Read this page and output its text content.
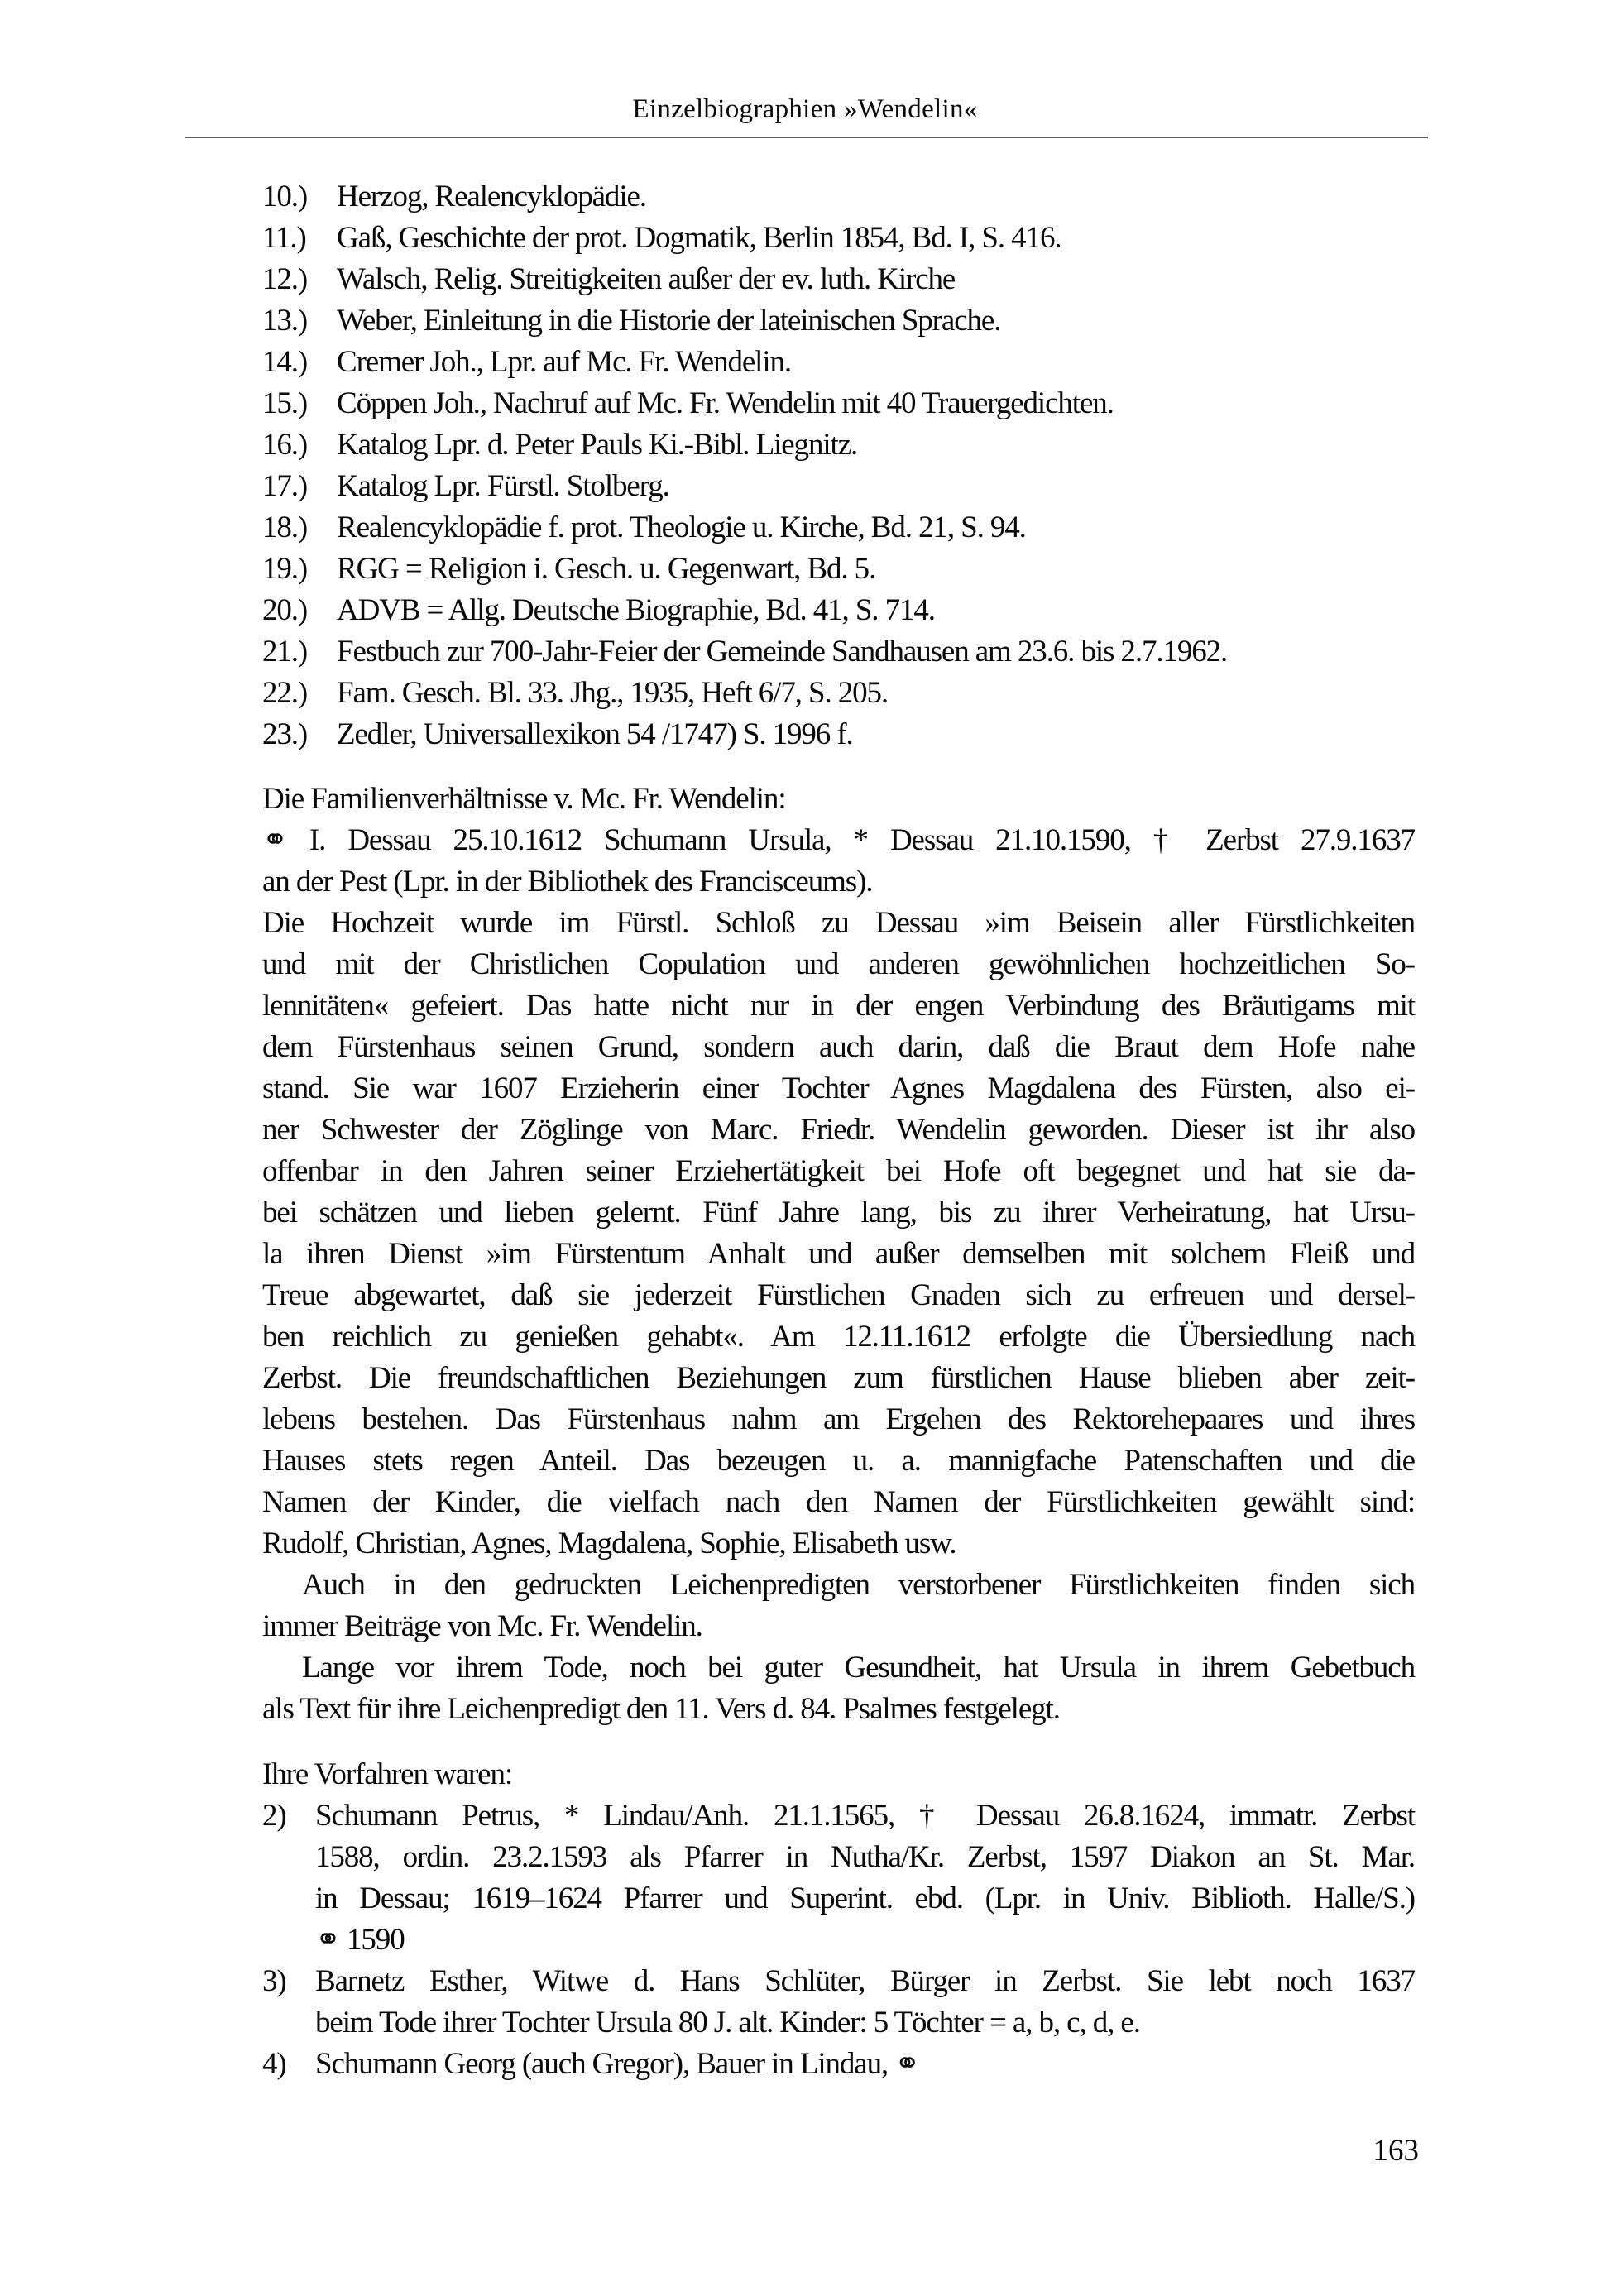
Einzelbiographien »Wendelin«
10.) Herzog, Realencyklopädie.
11.)	Gaß, Geschichte der prot. Dogmatik, Berlin 1854, Bd. I, S. 416.
12.) Walsch, Relig. Streitigkeiten außer der ev. luth. Kirche
13.) Weber, Einleitung in die Historie der lateinischen Sprache.
14.) Cremer Joh., Lpr. auf Mc. Fr. Wendelin.
15.) Cöppen Joh., Nachruf auf Mc. Fr. Wendelin mit 40 Trauergedichten.
16.) Katalog Lpr. d. Peter Pauls Ki.-Bibl. Liegnitz.
17.) Katalog Lpr. Fürstl. Stolberg.
18.) Realencyklopädie f. prot. Theologie u. Kirche, Bd. 21, S. 94.
19.) RGG = Religion i. Gesch. u. Gegenwart, Bd. 5.
20.) ADVB = Allg. Deutsche Biographie, Bd. 41, S. 714.
21.) Festbuch zur 700-Jahr-Feier der Gemeinde Sandhausen am 23.6. bis 2.7.1962.
22.) Fam. Gesch. Bl. 33. Jhg., 1935, Heft 6/7, S. 205.
23.) Zedler, Universallexikon 54 /1747) S. 1996 f.
Die Familienverhältnisse v. Mc. Fr. Wendelin:
⚭ I. Dessau 25.10.1612 Schumann Ursula, * Dessau 21.10.1590, † Zerbst 27.9.1637
an der Pest (Lpr. in der Bibliothek des Francisceums).
Die Hochzeit wurde im Fürstl. Schloß zu Dessau »im Beisein aller Fürstlichkeiten
und mit der Christlichen Copulation und anderen gewöhnlichen hochzeitlichen So-
lennitäten« gefeiert. Das hatte nicht nur in der engen Verbindung des Bräutigams mit
dem Fürstenhaus seinen Grund, sondern auch darin, daß die Braut dem Hofe nahe
stand. Sie war 1607 Erzieherin einer Tochter Agnes Magdalena des Fürsten, also ei-
ner Schwester der Zöglinge von Marc. Friedr. Wendelin geworden. Dieser ist ihr also
offenbar in den Jahren seiner Erziehertätigkeit bei Hofe oft begegnet und hat sie da-
bei schätzen und lieben gelernt. Fünf Jahre lang, bis zu ihrer Verheiratung, hat Ursu-
la ihren Dienst »im Fürstentum Anhalt und außer demselben mit solchem Fleiß und
Treue abgewartet, daß sie jederzeit Fürstlichen Gnaden sich zu erfreuen und dersel-
ben reichlich zu genießen gehabt«. Am 12.11.1612 erfolgte die Übersiedlung nach
Zerbst. Die freundschaftlichen Beziehungen zum fürstlichen Hause blieben aber zeit-
lebens bestehen. Das Fürstenhaus nahm am Ergehen des Rektorehepaares und ihres
Hauses stets regen Anteil. Das bezeugen u. a. mannigfache Patenschaften und die
Namen der Kinder, die vielfach nach den Namen der Fürstlichkeiten gewählt sind:
Rudolf, Christian, Agnes, Magdalena, Sophie, Elisabeth usw.
Auch in den gedruckten Leichenpredigten verstorbener Fürstlichkeiten finden sich
immer Beiträge von Mc. Fr. Wendelin.
Lange vor ihrem Tode, noch bei guter Gesundheit, hat Ursula in ihrem Gebetbuch
als Text für ihre Leichenpredigt den 11. Vers d. 84. Psalmes festgelegt.
Ihre Vorfahren waren:
2) Schumann Petrus, * Lindau/Anh. 21.1.1565, † Dessau 26.8.1624, immatr. Zerbst
1588, ordin. 23.2.1593 als Pfarrer in Nutha/Kr. Zerbst, 1597 Diakon an St. Mar.
in Dessau; 1619–1624 Pfarrer und Superint. ebd. (Lpr. in Univ. Biblioth. Halle/S.)
⚭ 1590
3) Barnetz Esther, Witwe d. Hans Schlüter, Bürger in Zerbst. Sie lebt noch 1637
beim Tode ihrer Tochter Ursula 80 J. alt. Kinder: 5 Töchter = a, b, c, d, e.
4) Schumann Georg (auch Gregor), Bauer in Lindau, ⚭
163
